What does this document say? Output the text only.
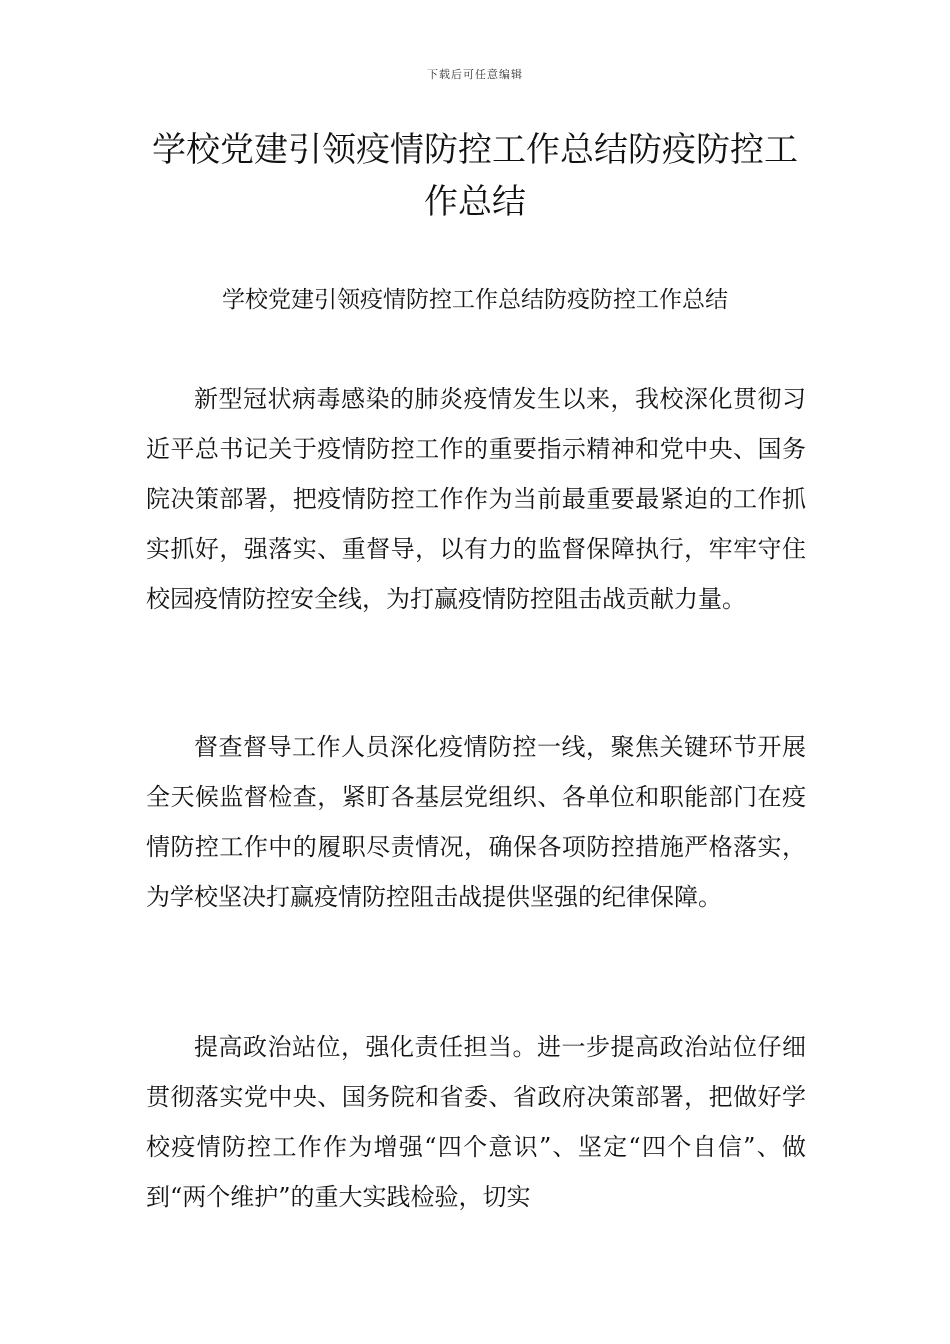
下载后可任意编辑
学校党建引领疫情防控工作总结防疫防控工作总结

学校党建引领疫情防控工作总结防疫防控工作总结

新型冠状病毒感染的肺炎疫情发生以来，我校深化贯彻习近平总书记关于疫情防控工作的重要指示精神和党中央、国务院决策部署，把疫情防控工作作为当前最重要最紧迫的工作抓实抓好，强落实、重督导，以有力的监督保障执行，牢牢守住校园疫情防控安全线，为打赢疫情防控阻击战贡献力量。

督查督导工作人员深化疫情防控一线，聚焦关键环节开展全天候监督检查，紧盯各基层党组织、各单位和职能部门在疫情防控工作中的履职尽责情况，确保各项防控措施严格落实，为学校坚决打赢疫情防控阻击战提供坚强的纪律保障。

提高政治站位，强化责任担当。进一步提高政治站位仔细贯彻落实党中央、国务院和省委、省政府决策部署，把做好学校疫情防控工作作为增强“四个意识”、坚定“四个自信”、做到“两个维护”的重大实践检验，切实
